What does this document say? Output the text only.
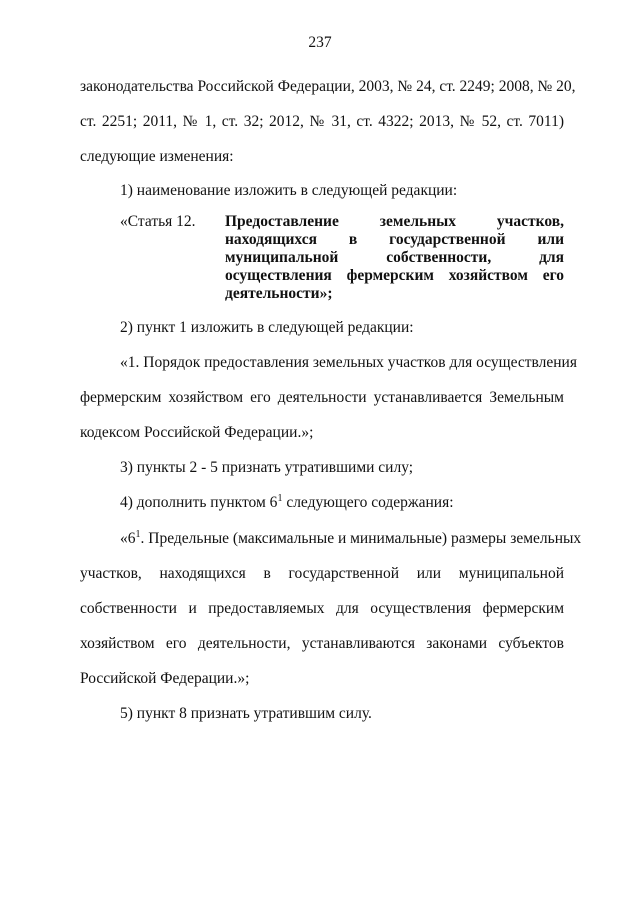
237
законодательства Российской Федерации, 2003, № 24, ст. 2249; 2008, № 20,
ст. 2251; 2011, № 1, ст. 32; 2012, № 31, ст. 4322; 2013, № 52, ст. 7011)
следующие изменения:
1) наименование изложить в следующей редакции:
«Статья 12. Предоставление земельных участков,
находящихся в государственной или
муниципальной собственности, для
осуществления фермерским хозяйством его
деятельности»;
2) пункт 1 изложить в следующей редакции:
«1. Порядок предоставления земельных участков для осуществления
фермерским хозяйством его деятельности устанавливается Земельным
кодексом Российской Федерации.»;
3) пункты 2 - 5 признать утратившими силу;
4) дополнить пунктом $6^1$ следующего содержания:
«$6^1$. Предельные (максимальные и минимальные) размеры земельных
участков, находящихся в государственной или муниципальной
собственности и предоставляемых для осуществления фермерским
хозяйством его деятельности, устанавливаются законами субъектов
Российской Федерации.»;
5) пункт 8 признать утратившим силу.
